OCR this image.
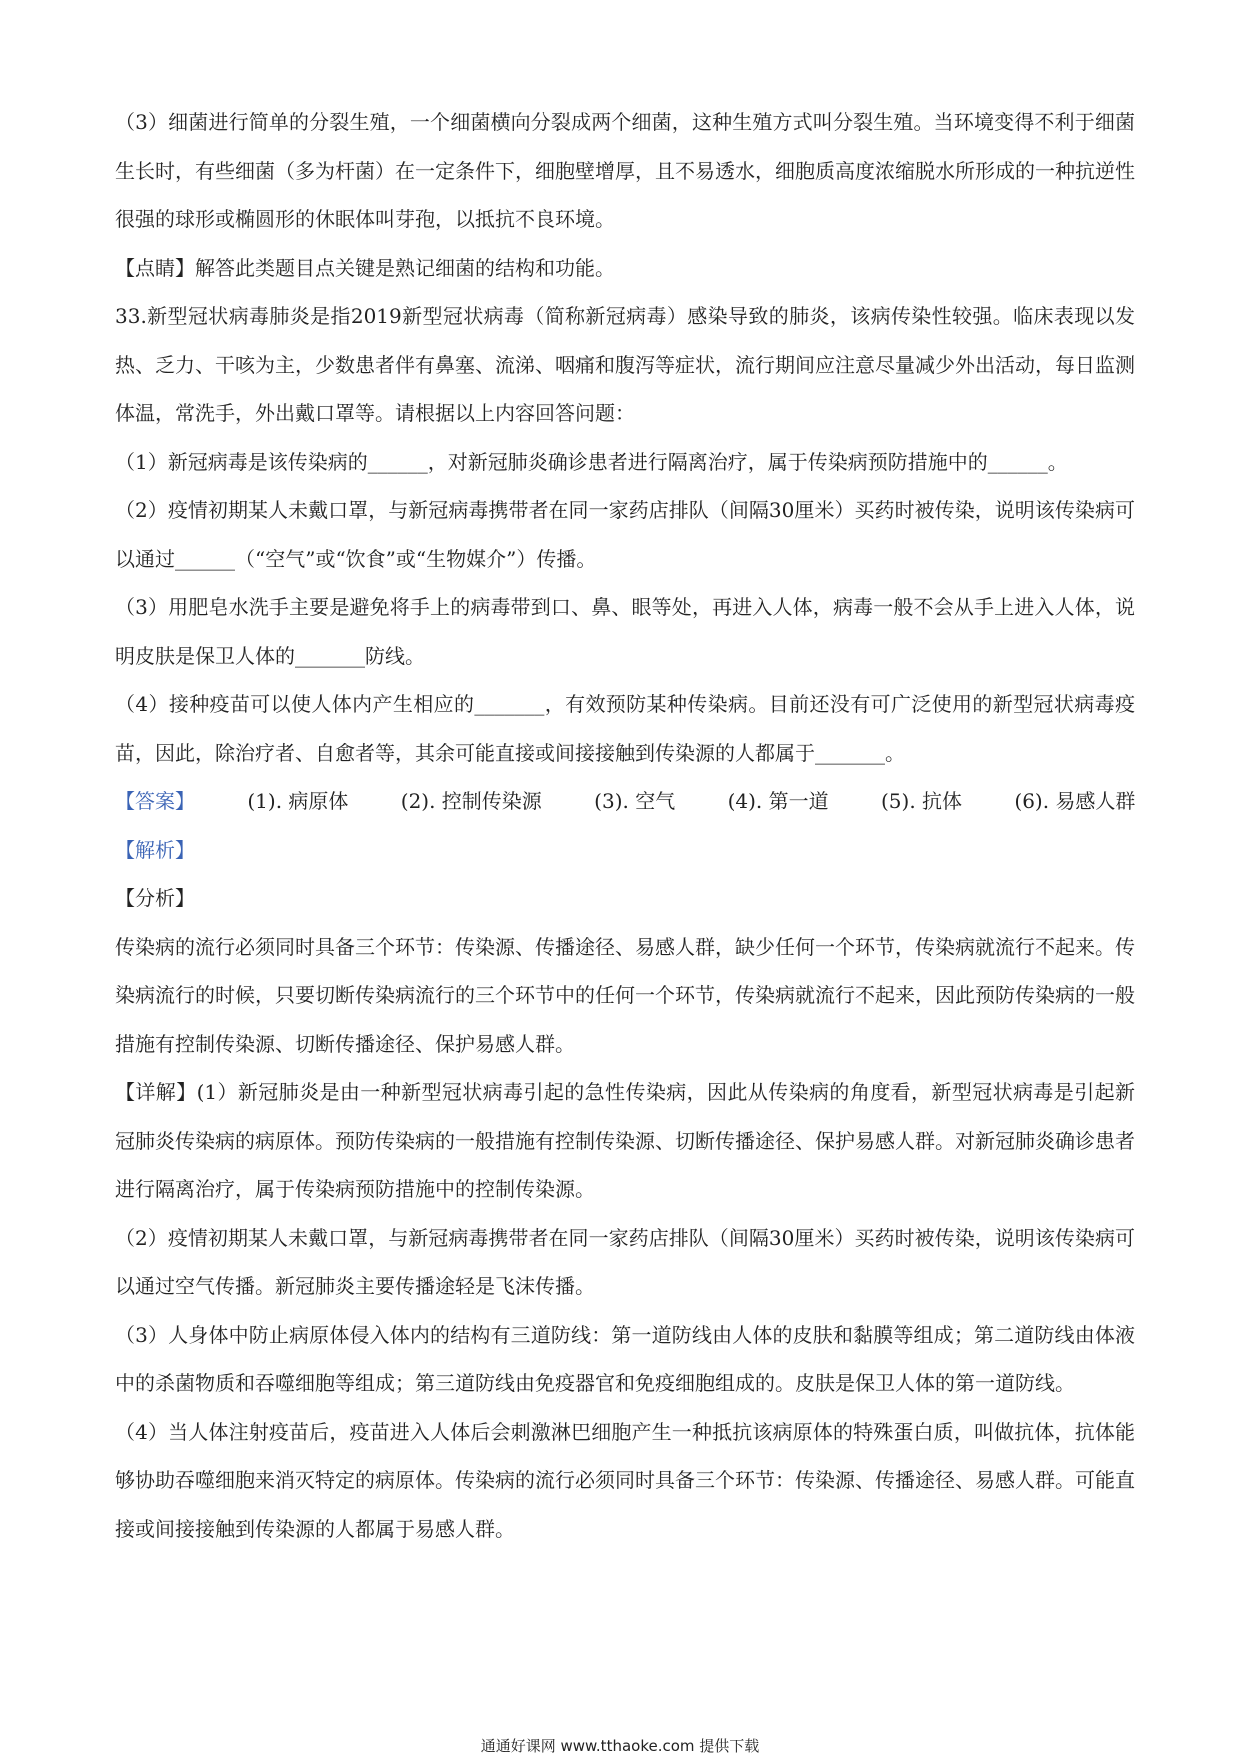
（3）细菌进行简单的分裂生殖，一个细菌横向分裂成两个细菌，这种生殖方式叫分裂生殖。当环境变得不利于细菌生长时，有些细菌（多为杆菌）在一定条件下，细胞壁增厚，且不易透水，细胞质高度浓缩脱水所形成的一种抗逆性很强的球形或椭圆形的休眠体叫芽孢，以抵抗不良环境。

【点睛】解答此类题目点关键是熟记细菌的结构和功能。

33.新型冠状病毒肺炎是指2019新型冠状病毒（简称新冠病毒）感染导致的肺炎，该病传染性较强。临床表现以发热、乏力、干咳为主，少数患者伴有鼻塞、流涕、咽痛和腹泻等症状，流行期间应注意尽量减少外出活动，每日监测体温，常洗手，外出戴口罩等。请根据以上内容回答问题：

（1）新冠病毒是该传染病的______，对新冠肺炎确诊患者进行隔离治疗，属于传染病预防措施中的______。

（2）疫情初期某人未戴口罩，与新冠病毒携带者在同一家药店排队（间隔30厘米）买药时被传染，说明该传染病可以通过______（“空气”或“饮食”或“生物媒介”）传播。

（3）用肥皂水洗手主要是避免将手上的病毒带到口、鼻、眼等处，再进入人体，病毒一般不会从手上进入人体，说明皮肤是保卫人体的_______防线。

（4）接种疫苗可以使人体内产生相应的_______，有效预防某种传染病。目前还没有可广泛使用的新型冠状病毒疫苗，因此，除治疗者、自愈者等，其余可能直接或间接接触到传染源的人都属于_______。

【答案】	(1). 病原体	(2). 控制传染源	(3). 空气	(4). 第一道	(5). 抗体	(6). 易感人群

【解析】

【分析】

传染病的流行必须同时具备三个环节：传染源、传播途径、易感人群，缺少任何一个环节，传染病就流行不起来。传染病流行的时候，只要切断传染病流行的三个环节中的任何一个环节，传染病就流行不起来，因此预防传染病的一般措施有控制传染源、切断传播途径、保护易感人群。

【详解】(1）新冠肺炎是由一种新型冠状病毒引起的急性传染病，因此从传染病的角度看，新型冠状病毒是引起新冠肺炎传染病的病原体。预防传染病的一般措施有控制传染源、切断传播途径、保护易感人群。对新冠肺炎确诊患者进行隔离治疗，属于传染病预防措施中的控制传染源。

（2）疫情初期某人未戴口罩，与新冠病毒携带者在同一家药店排队（间隔30厘米）买药时被传染，说明该传染病可以通过空气传播。新冠肺炎主要传播途轻是飞沫传播。

（3）人身体中防止病原体侵入体内的结构有三道防线：第一道防线由人体的皮肤和黏膜等组成；第二道防线由体液中的杀菌物质和吞噬细胞等组成；第三道防线由免疫器官和免疫细胞组成的。皮肤是保卫人体的第一道防线。

（4）当人体注射疫苗后，疫苗进入人体后会刺激淋巴细胞产生一种抵抗该病原体的特殊蛋白质，叫做抗体，抗体能够协助吞噬细胞来消灭特定的病原体。传染病的流行必须同时具备三个环节：传染源、传播途径、易感人群。可能直接或间接接触到传染源的人都属于易感人群。

通通好课网 www.tthaoke.com 提供下载
